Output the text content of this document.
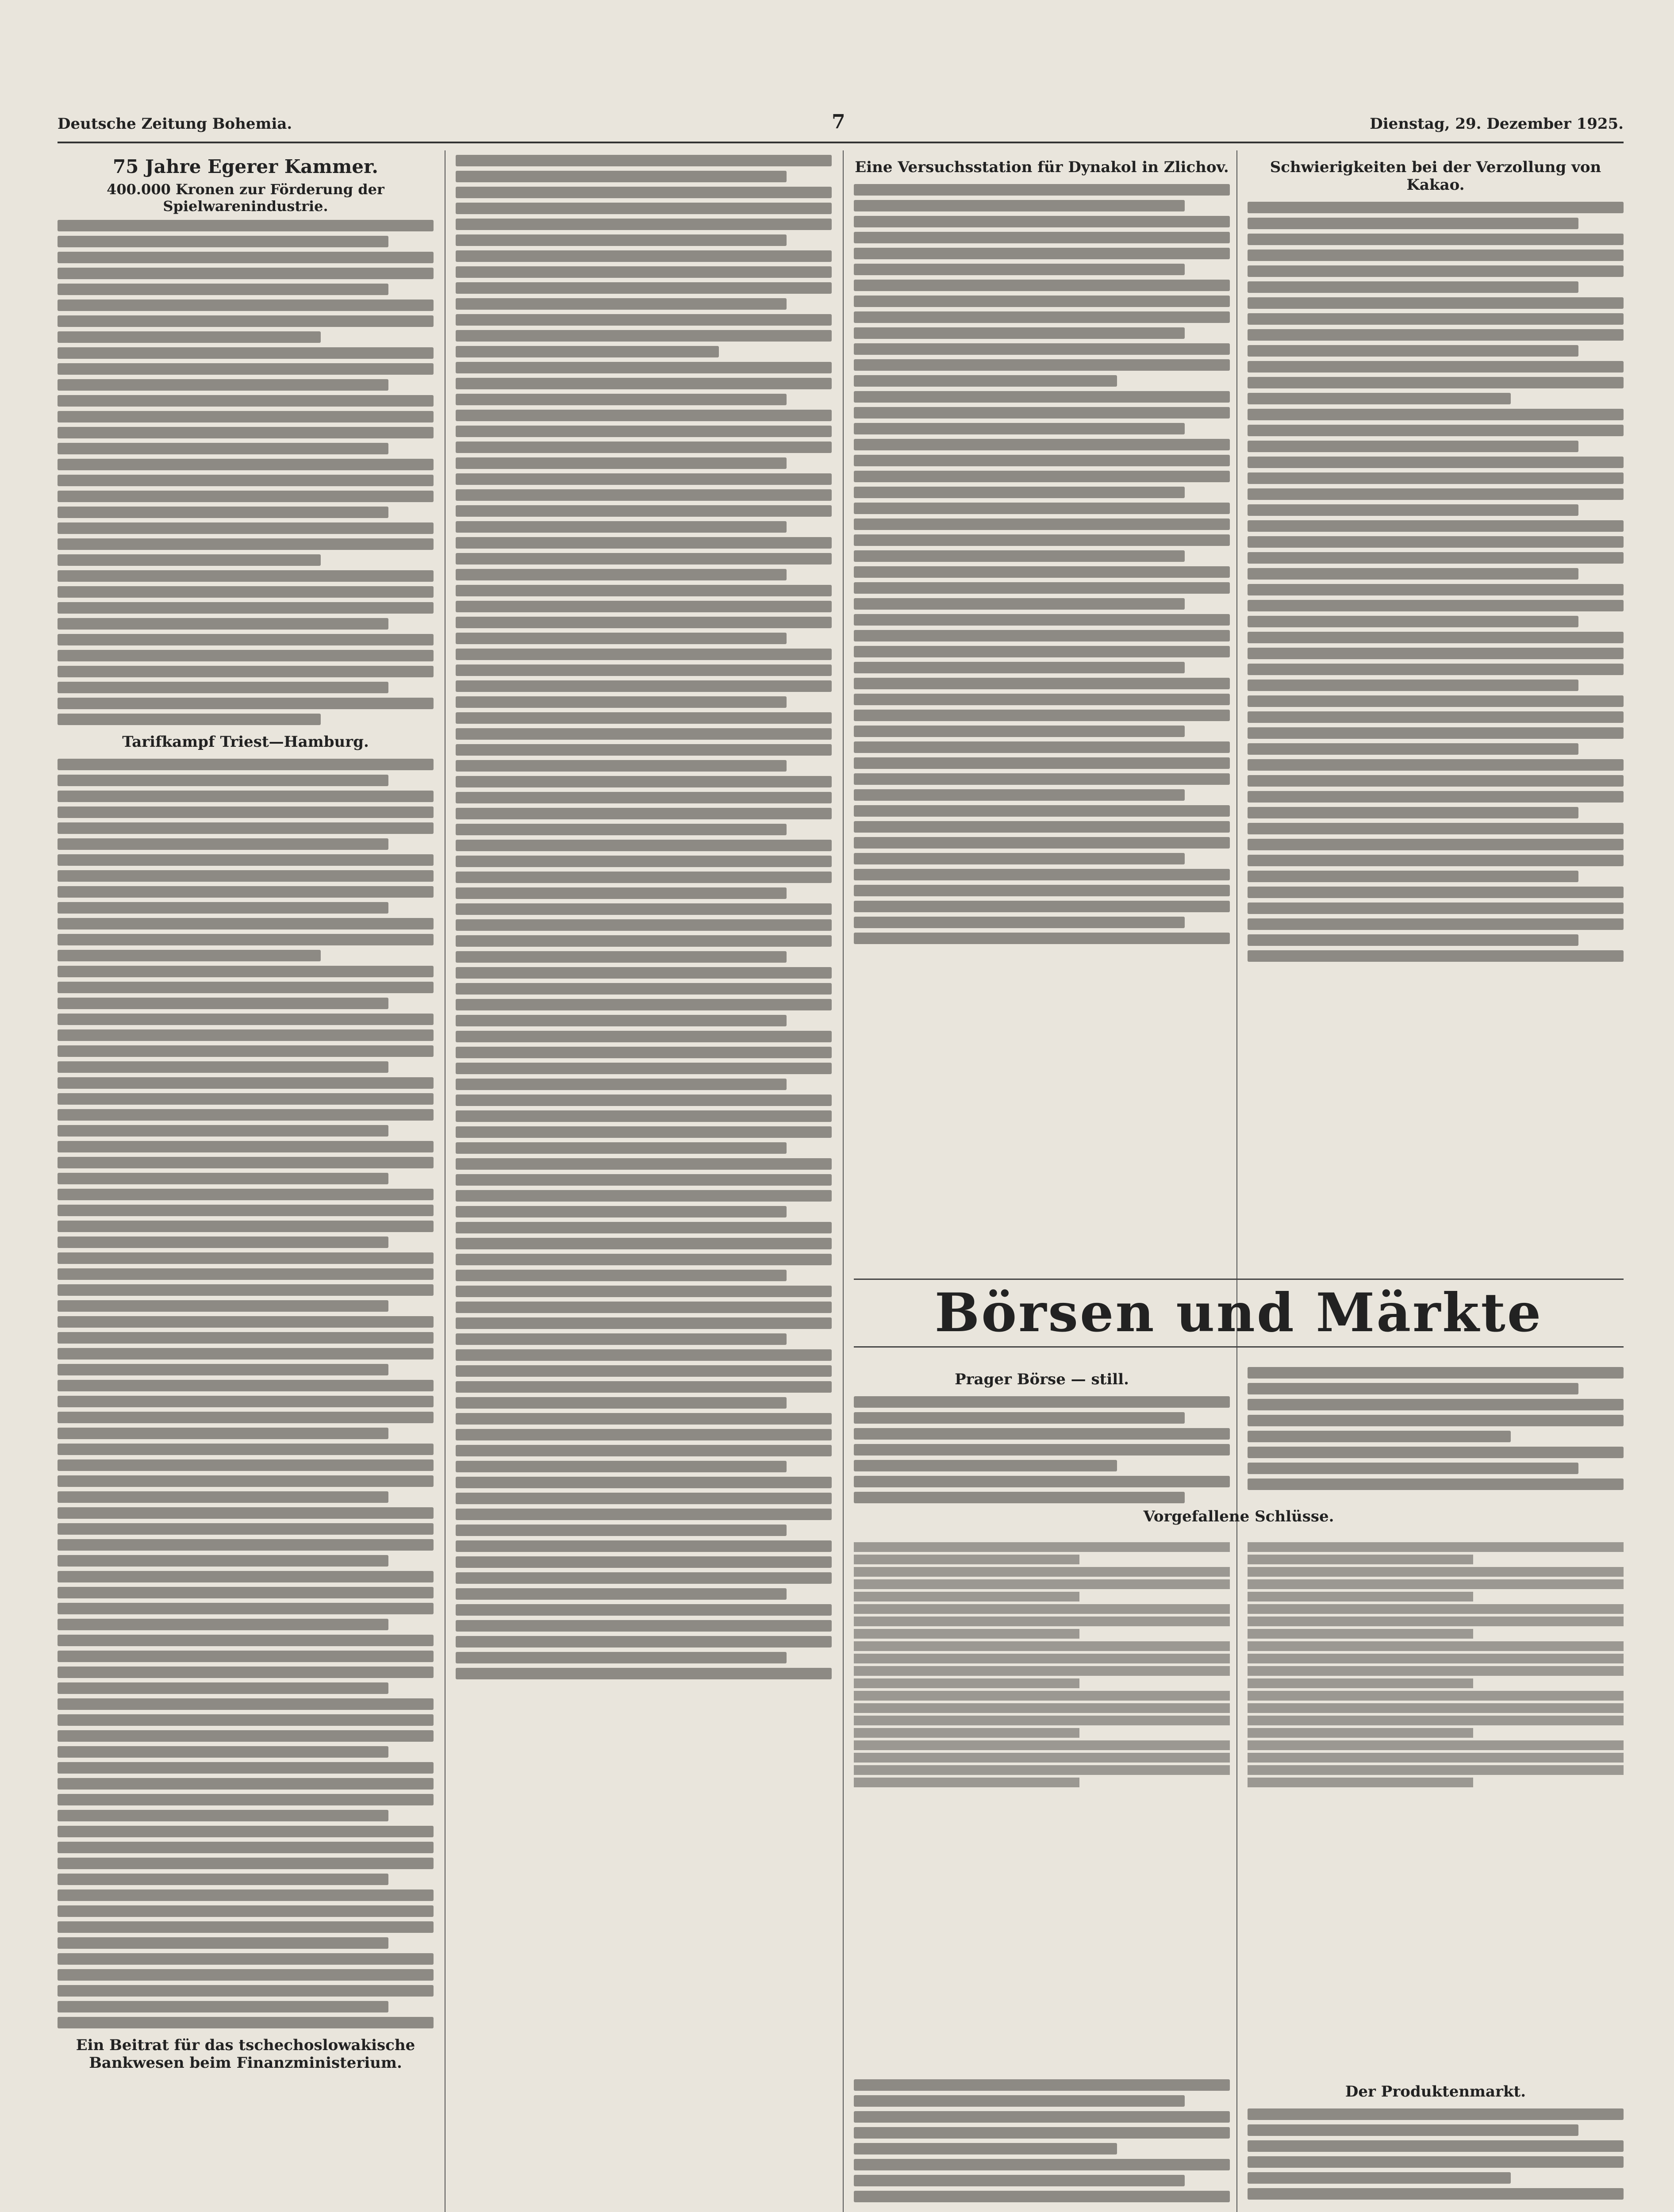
Deutsche Zeitung Bohemia.	7	Dienstag, 29. Dezember 1925.
75 Jahre Egerer Kammer.
400.000 Kronen zur Förderung der Spielwarenindustrie.
Tarifkampf Triest—Hamburg.
Ein Beitrat für das tschechoslowakische Bankwesen beim Finanzministerium.
Eine Versuchsstation für Dynakol in Zlichov.	Schwierigkeiten bei der Verzollung von Kakao.
Börsen und Märkte
Prager Börse — still.
Vorgefallene Schlüsse.
Der Produktenmarkt.
